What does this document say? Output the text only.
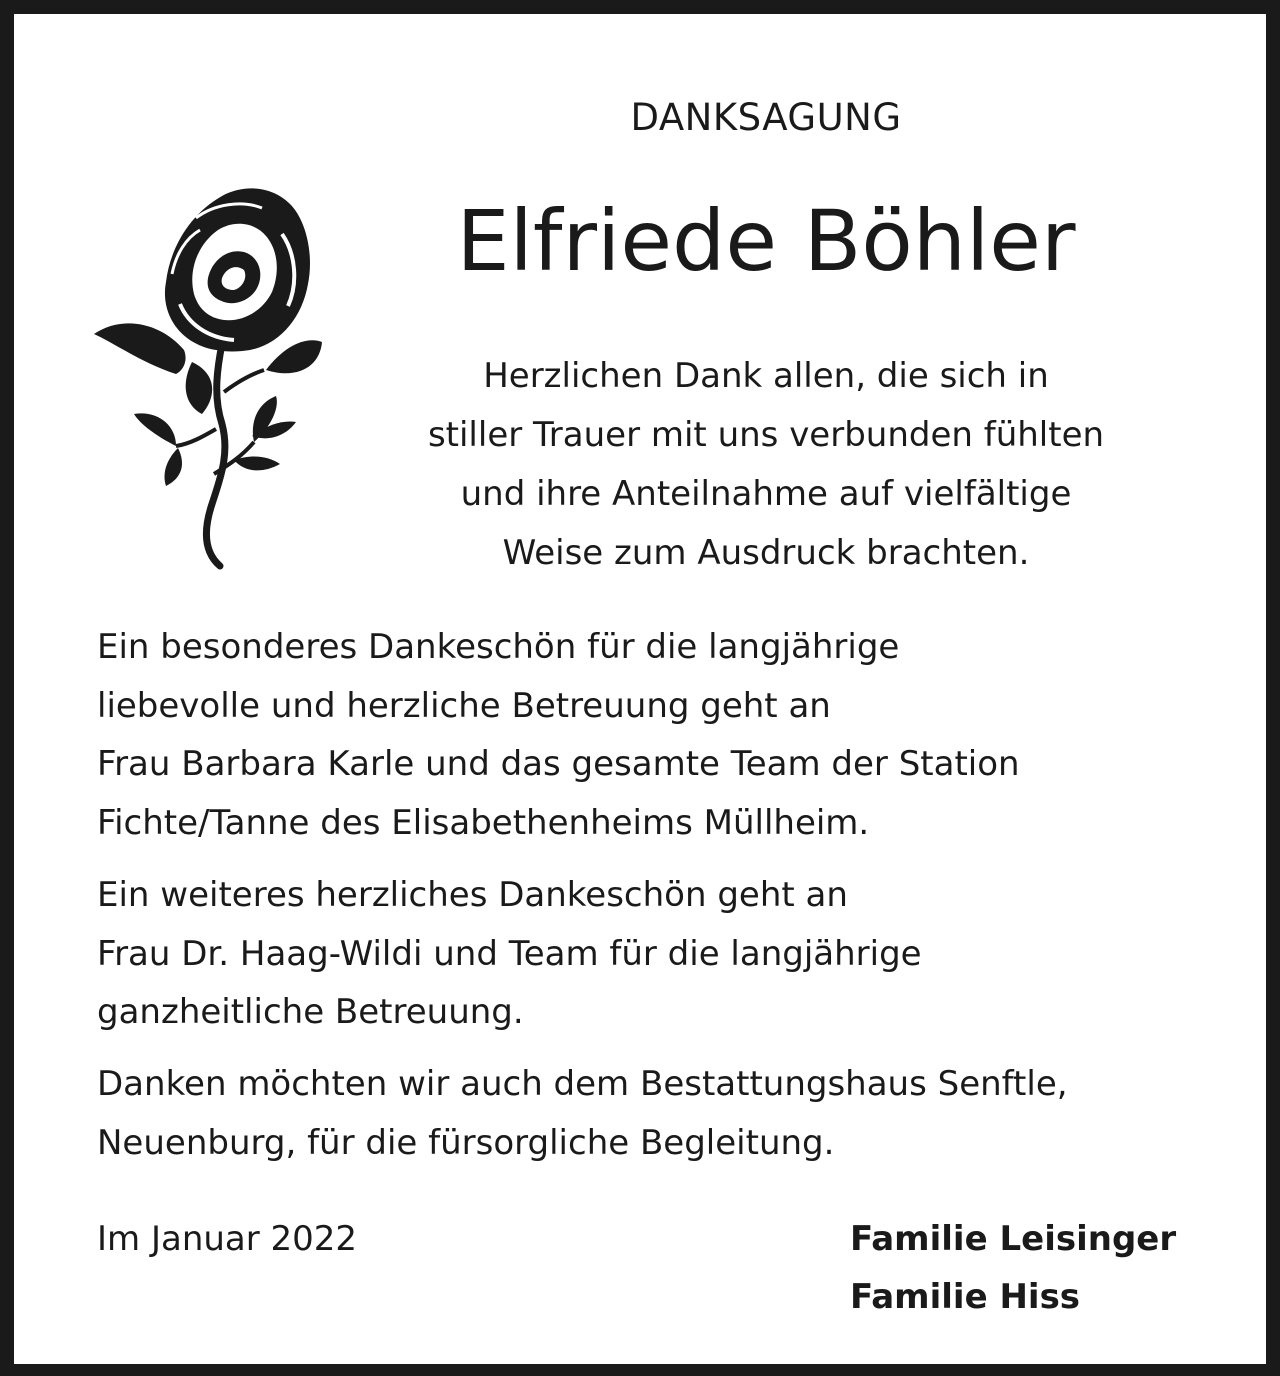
DANKSAGUNG
Elfriede Böhler

Herzlichen Dank allen, die sich in
stiller Trauer mit uns verbunden fühlten
und ihre Anteilnahme auf vielfältige
Weise zum Ausdruck brachten.

Ein besonderes Dankeschön für die langjährige
liebevolle und herzliche Betreuung geht an
Frau Barbara Karle und das gesamte Team der Station
Fichte/Tanne des Elisabethenheims Müllheim.

Ein weiteres herzliches Dankeschön geht an
Frau Dr. Haag-Wildi und Team für die langjährige
ganzheitliche Betreuung.

Danken möchten wir auch dem Bestattungshaus Senftle,
Neuenburg, für die fürsorgliche Begleitung.

Im Januar 2022	Familie Leisinger
Familie Hiss
